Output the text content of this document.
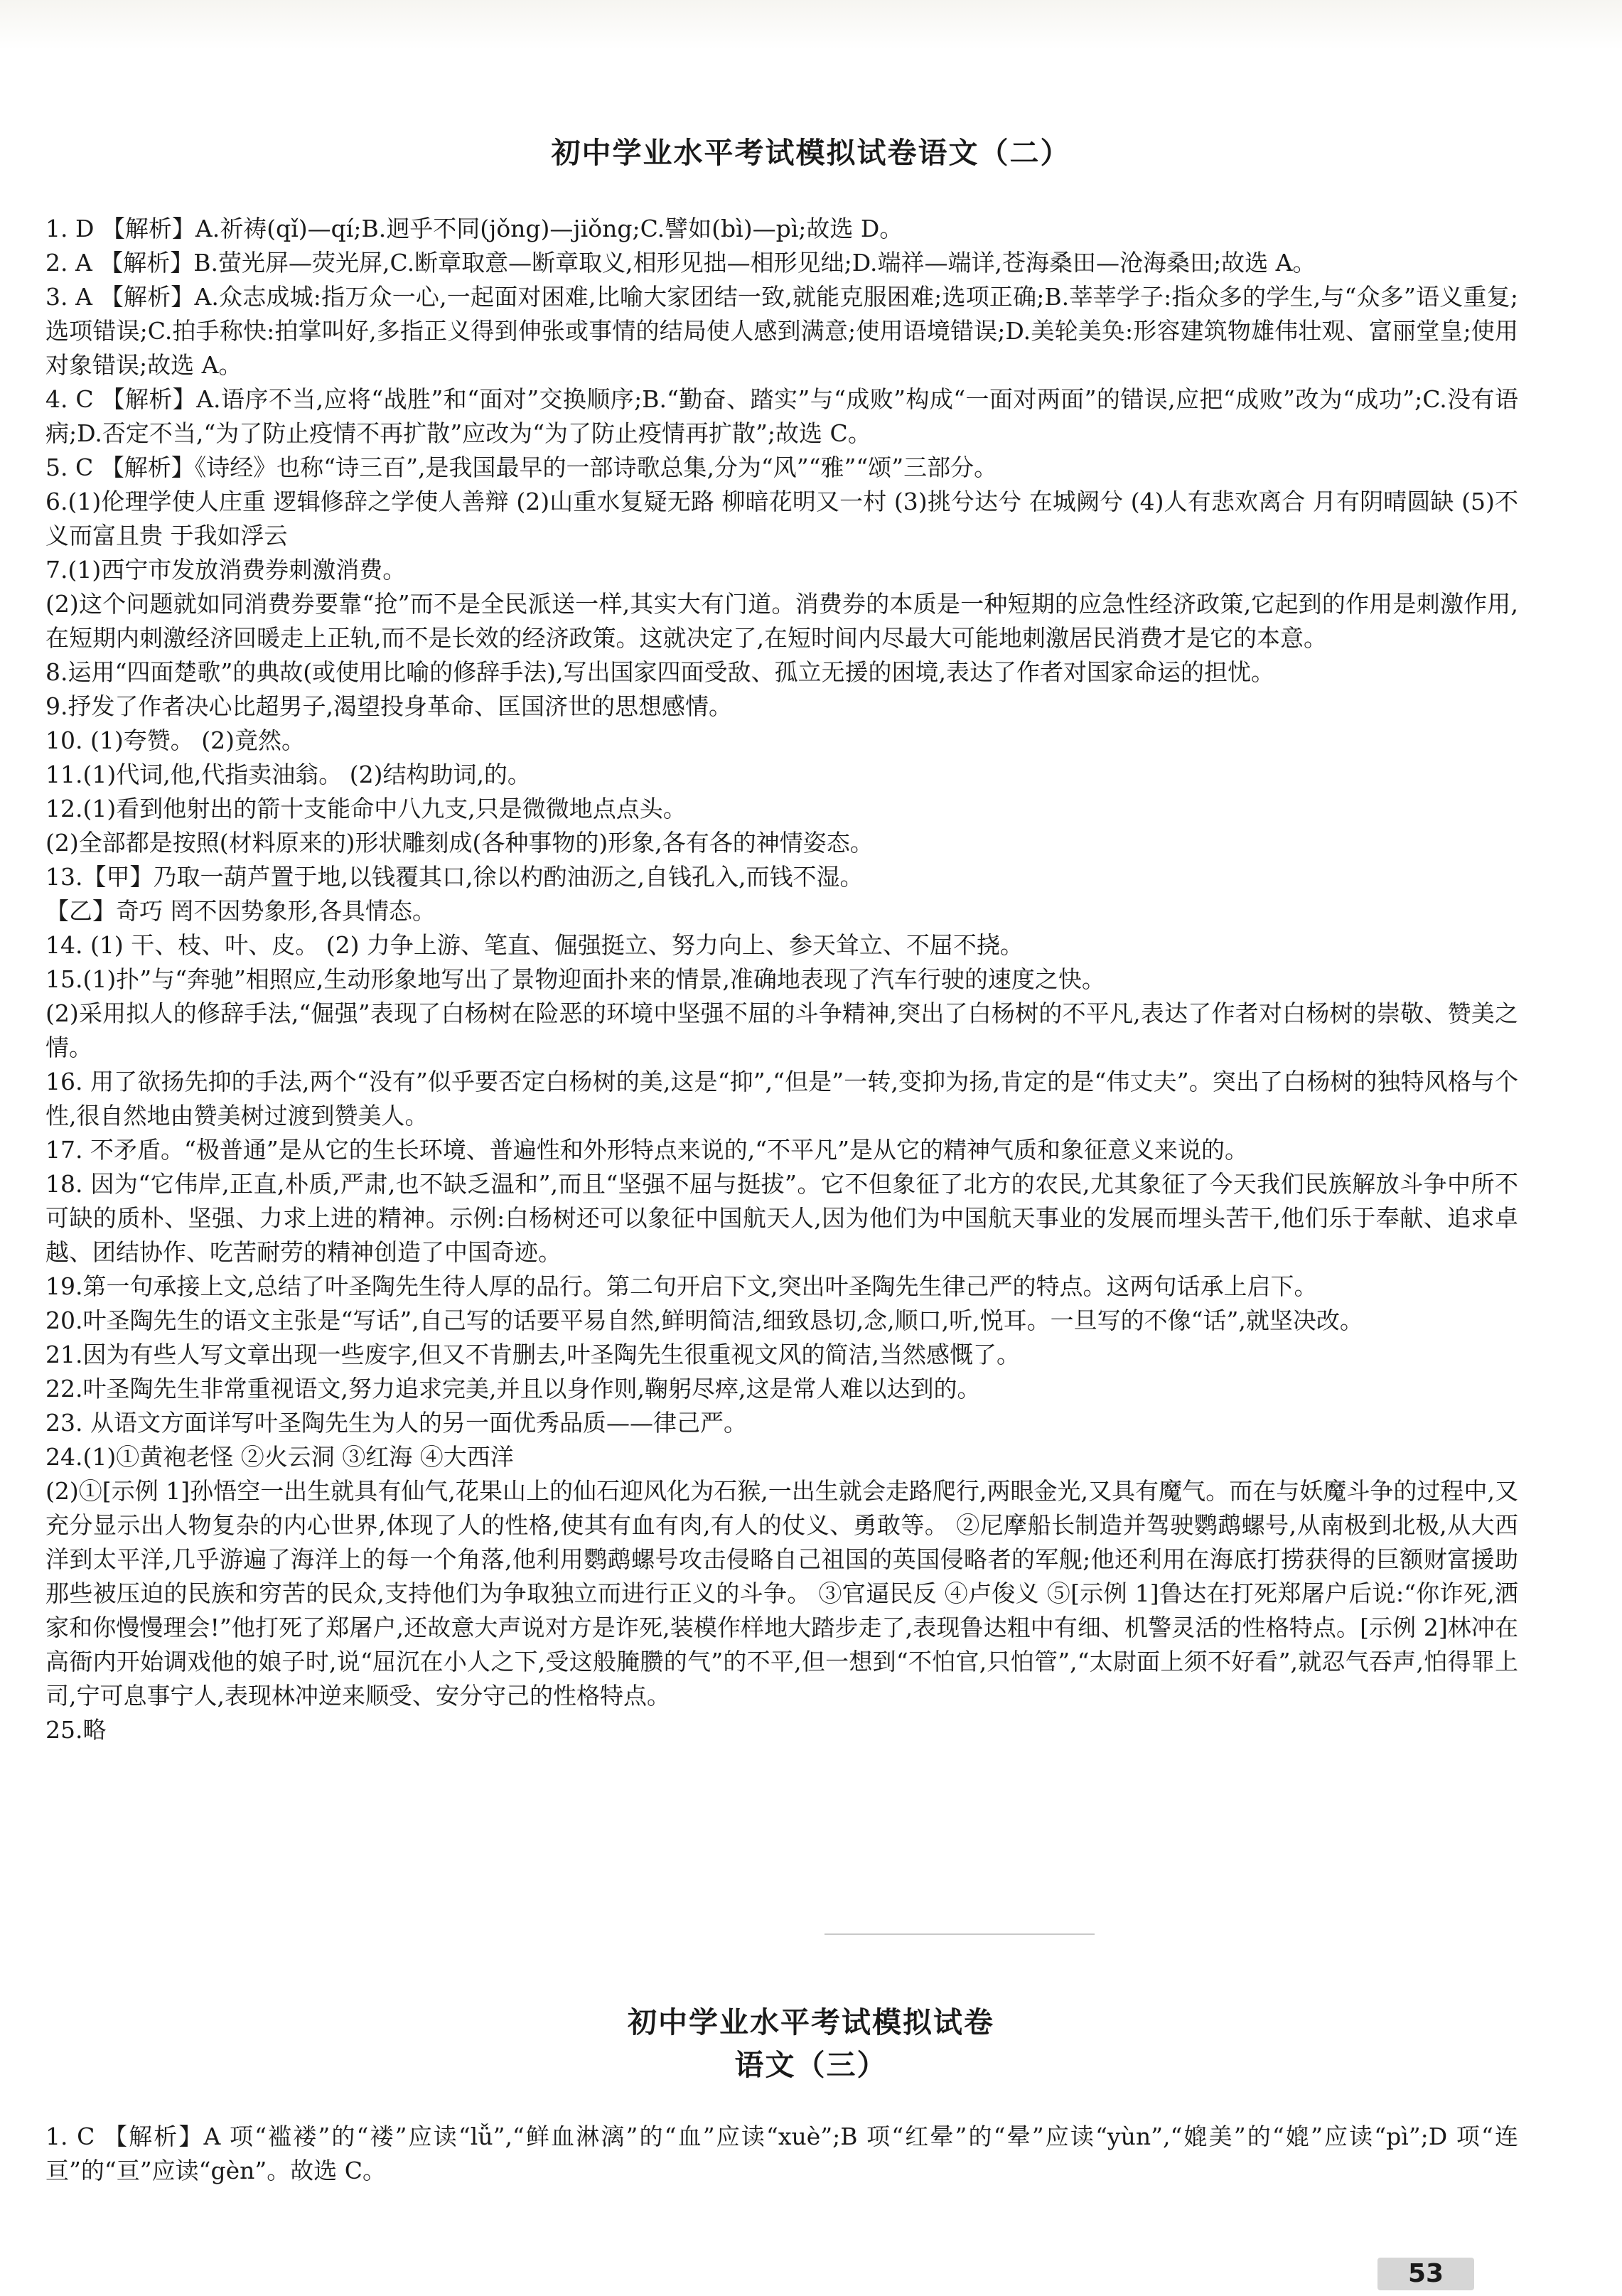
初中学业水平考试模拟试卷语文（二）

1. D 【解析】A.祈祷(qǐ)—qí;B.迥乎不同(jǒng)—jiǒng;C.譬如(bì)—pì;故选 D。

2. A 【解析】B.萤光屏—荧光屏,C.断章取意—断章取义,相形见拙—相形见绌;D.端祥—端详,苍海桑田—沧海桑田;故选 A。

3. A 【解析】A.众志成城:指万众一心,一起面对困难,比喻大家团结一致,就能克服困难;选项正确;B.莘莘学子:指众多的学生,与“众多”语义重复;选项错误;C.拍手称快:拍掌叫好,多指正义得到伸张或事情的结局使人感到满意;使用语境错误;D.美轮美奂:形容建筑物雄伟壮观、富丽堂皇;使用对象错误;故选 A。

4. C 【解析】A.语序不当,应将“战胜”和“面对”交换顺序;B.“勤奋、踏实”与“成败”构成“一面对两面”的错误,应把“成败”改为“成功”;C.没有语病;D.否定不当,“为了防止疫情不再扩散”应改为“为了防止疫情再扩散”;故选 C。

5. C 【解析】《诗经》也称“诗三百”,是我国最早的一部诗歌总集,分为“风”“雅”“颂”三部分。

6.(1)伦理学使人庄重 逻辑修辞之学使人善辩 (2)山重水复疑无路 柳暗花明又一村 (3)挑兮达兮 在城阙兮 (4)人有悲欢离合 月有阴晴圆缺 (5)不义而富且贵 于我如浮云

7.(1)西宁市发放消费券刺激消费。

(2)这个问题就如同消费券要靠“抢”而不是全民派送一样,其实大有门道。消费券的本质是一种短期的应急性经济政策,它起到的作用是刺激作用,在短期内刺激经济回暖走上正轨,而不是长效的经济政策。这就决定了,在短时间内尽最大可能地刺激居民消费才是它的本意。

8.运用“四面楚歌”的典故(或使用比喻的修辞手法),写出国家四面受敌、孤立无援的困境,表达了作者对国家命运的担忧。

9.抒发了作者决心比超男子,渴望投身革命、匡国济世的思想感情。

10. (1)夸赞。 (2)竟然。

11.(1)代词,他,代指卖油翁。 (2)结构助词,的。

12.(1)看到他射出的箭十支能命中八九支,只是微微地点点头。

(2)全部都是按照(材料原来的)形状雕刻成(各种事物的)形象,各有各的神情姿态。

13.【甲】乃取一葫芦置于地,以钱覆其口,徐以杓酌油沥之,自钱孔入,而钱不湿。

【乙】奇巧 罔不因势象形,各具情态。

14. (1) 干、枝、叶、皮。 (2) 力争上游、笔直、倔强挺立、努力向上、参天耸立、不屈不挠。

15.(1)扑”与“奔驰”相照应,生动形象地写出了景物迎面扑来的情景,准确地表现了汽车行驶的速度之快。

(2)采用拟人的修辞手法,“倔强”表现了白杨树在险恶的环境中坚强不屈的斗争精神,突出了白杨树的不平凡,表达了作者对白杨树的崇敬、赞美之情。

16. 用了欲扬先抑的手法,两个“没有”似乎要否定白杨树的美,这是“抑”,“但是”一转,变抑为扬,肯定的是“伟丈夫”。突出了白杨树的独特风格与个性,很自然地由赞美树过渡到赞美人。

17. 不矛盾。“极普通”是从它的生长环境、普遍性和外形特点来说的,“不平凡”是从它的精神气质和象征意义来说的。

18. 因为“它伟岸,正直,朴质,严肃,也不缺乏温和”,而且“坚强不屈与挺拔”。它不但象征了北方的农民,尤其象征了今天我们民族解放斗争中所不可缺的质朴、坚强、力求上进的精神。示例:白杨树还可以象征中国航天人,因为他们为中国航天事业的发展而埋头苦干,他们乐于奉献、追求卓越、团结协作、吃苦耐劳的精神创造了中国奇迹。

19.第一句承接上文,总结了叶圣陶先生待人厚的品行。第二句开启下文,突出叶圣陶先生律己严的特点。这两句话承上启下。

20.叶圣陶先生的语文主张是“写话”,自己写的话要平易自然,鲜明简洁,细致恳切,念,顺口,听,悦耳。一旦写的不像“话”,就坚决改。

21.因为有些人写文章出现一些废字,但又不肯删去,叶圣陶先生很重视文风的简洁,当然感慨了。

22.叶圣陶先生非常重视语文,努力追求完美,并且以身作则,鞠躬尽瘁,这是常人难以达到的。

23. 从语文方面详写叶圣陶先生为人的另一面优秀品质——律己严。

24.(1)①黄袍老怪 ②火云洞 ③红海 ④大西洋

(2)①[示例 1]孙悟空一出生就具有仙气,花果山上的仙石迎风化为石猴,一出生就会走路爬行,两眼金光,又具有魔气。而在与妖魔斗争的过程中,又充分显示出人物复杂的内心世界,体现了人的性格,使其有血有肉,有人的仗义、勇敢等。 ②尼摩船长制造并驾驶鹦鹉螺号,从南极到北极,从大西洋到太平洋,几乎游遍了海洋上的每一个角落,他利用鹦鹉螺号攻击侵略自己祖国的英国侵略者的军舰;他还利用在海底打捞获得的巨额财富援助那些被压迫的民族和穷苦的民众,支持他们为争取独立而进行正义的斗争。 ③官逼民反 ④卢俊义 ⑤[示例 1]鲁达在打死郑屠户后说:“你诈死,洒家和你慢慢理会!”他打死了郑屠户,还故意大声说对方是诈死,装模作样地大踏步走了,表现鲁达粗中有细、机警灵活的性格特点。[示例 2]林冲在高衙内开始调戏他的娘子时,说“屈沉在小人之下,受这般腌臜的气”的不平,但一想到“不怕官,只怕管”,“太尉面上须不好看”,就忍气吞声,怕得罪上司,宁可息事宁人,表现林冲逆来顺受、安分守己的性格特点。

25.略

初中学业水平考试模拟试卷
语文（三）

1. C 【解析】A 项“褴褛”的“褛”应读“lǚ”,“鲜血淋漓”的“血”应读“xuè”;B 项“红晕”的“晕”应读“yùn”,“媲美”的“媲”应读“pì”;D 项“连亘”的“亘”应读“gèn”。故选 C。

53
